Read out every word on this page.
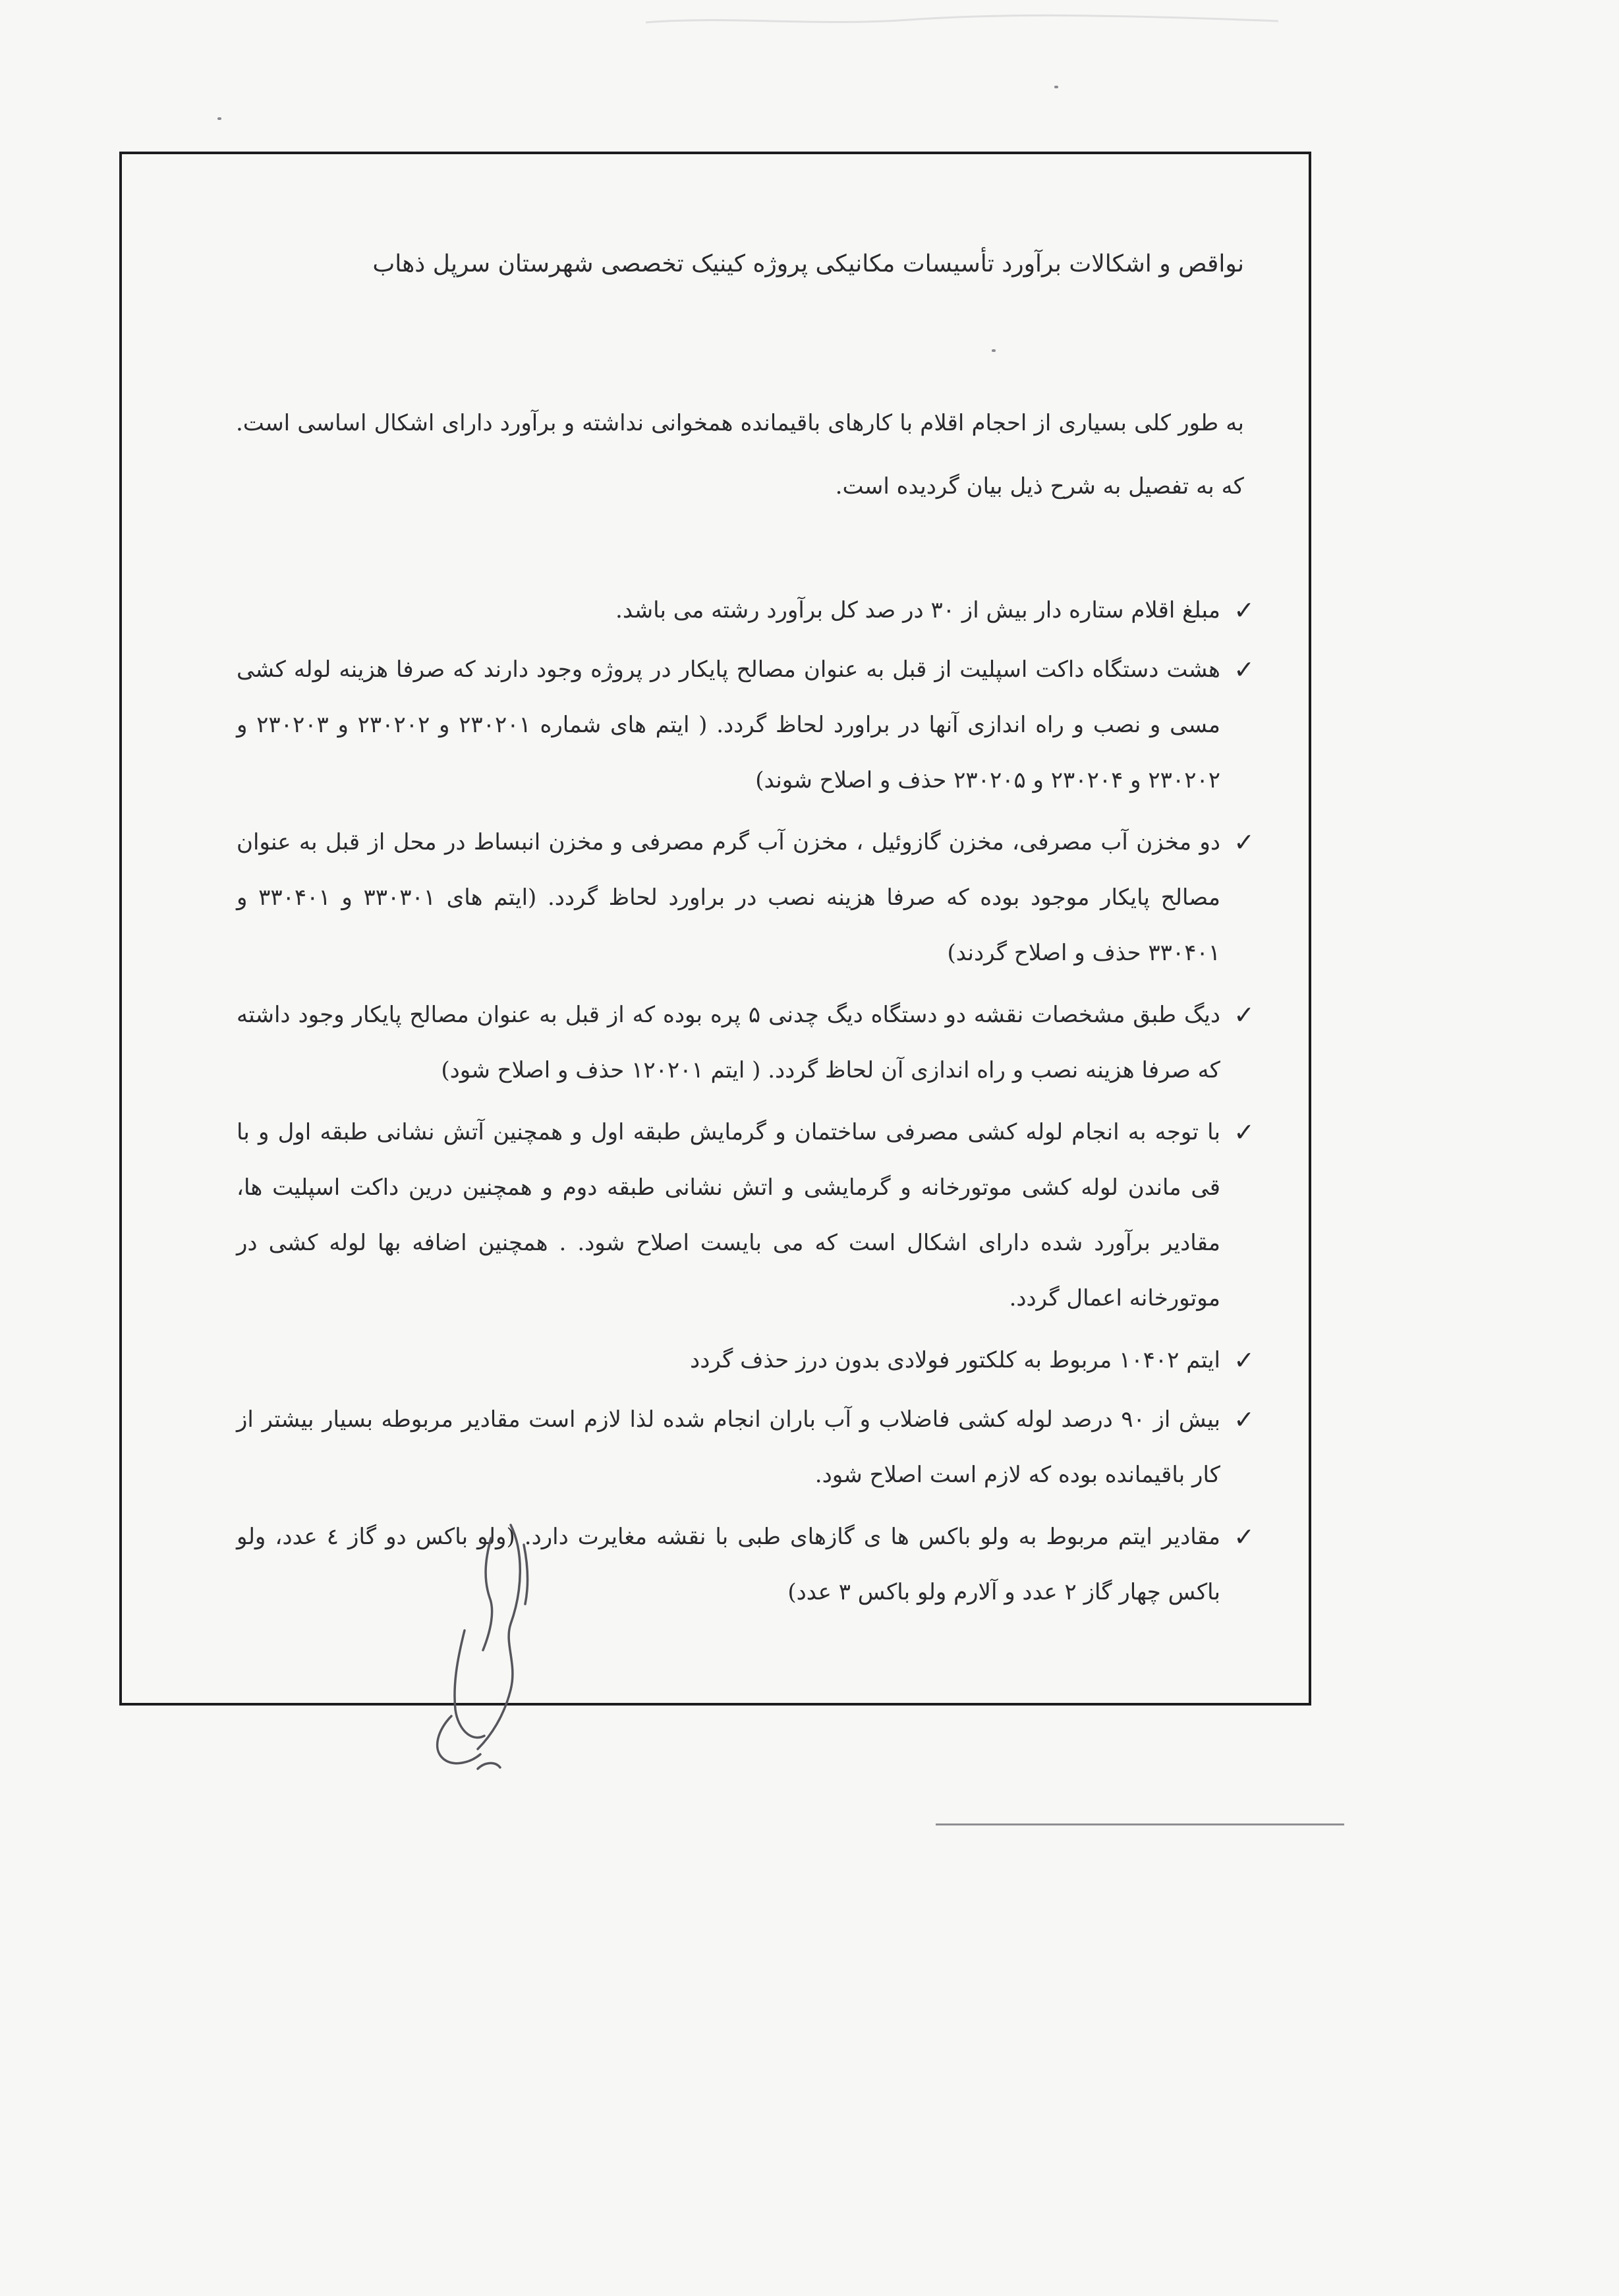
نواقص و اشکالات برآورد تأسیسات مکانیکی پروژه کینیک تخصصی شهرستان سرپل ذهاب

به طور کلی بسیاری از احجام اقلام با کارهای باقیمانده همخوانی نداشته و برآورد دارای اشکال اساسی است. که به تفصیل به شرح ذیل بیان گردیده است.

✓
مبلغ اقلام ستاره دار بیش از ۳۰ در صد کل برآورد رشته می باشد.
✓
هشت دستگاه داکت اسپلیت از قبل به عنوان مصالح پایکار در پروژه وجود دارند که صرفا هزینه لوله کشی مسی و نصب و راه اندازی آنها در براورد لحاظ گردد. ( ایتم های شماره ۲۳۰۲۰۱ و ۲۳۰۲۰۲ و ۲۳۰۲۰۳ و ۲۳۰۲۰۲ و ۲۳۰۲۰۴ و ۲۳۰۲۰۵ حذف و اصلاح شوند)
✓
دو مخزن آب مصرفی، مخزن گازوئیل ، مخزن آب گرم مصرفی و مخزن انبساط در محل از قبل به عنوان مصالح پایکار موجود بوده که صرفا هزینه نصب در براورد لحاظ گردد. (ایتم های ۳۳۰۳۰۱ و ۳۳۰۴۰۱ و ۳۳۰۴۰۱ حذف و اصلاح گردند)
✓
دیگ طبق مشخصات نقشه دو دستگاه دیگ چدنی ۵ پره بوده که از قبل به عنوان مصالح پایکار وجود داشته که صرفا هزینه نصب و راه اندازی آن لحاظ گردد. ( ایتم ۱۲۰۲۰۱ حذف و اصلاح شود)
✓
با توجه به انجام لوله کشی مصرفی ساختمان و گرمایش طبقه اول و همچنین آتش نشانی طبقه اول و با قی ماندن لوله کشی موتورخانه و گرمایشی و اتش نشانی طبقه دوم و همچنین درین داکت اسپلیت ها، مقادیر برآورد شده دارای اشکال است که می بایست اصلاح شود. . همچنین اضافه بها لوله کشی در موتورخانه اعمال گردد.
✓
ایتم ۱۰۴۰۲ مربوط به کلکتور فولادی بدون درز حذف گردد
✓
بیش از ۹۰ درصد لوله کشی فاضلاب و آب باران انجام شده لذا لازم است مقادیر مربوطه بسیار بیشتر از کار باقیمانده بوده که لازم است اصلاح شود.
✓
مقادیر ایتم مربوط به ولو باکس ها ی گازهای طبی با نقشه مغایرت دارد. (ولو باکس دو گاز ٤ عدد، ولو باکس چهار گاز ۲ عدد و آلارم ولو باکس ۳ عدد)
